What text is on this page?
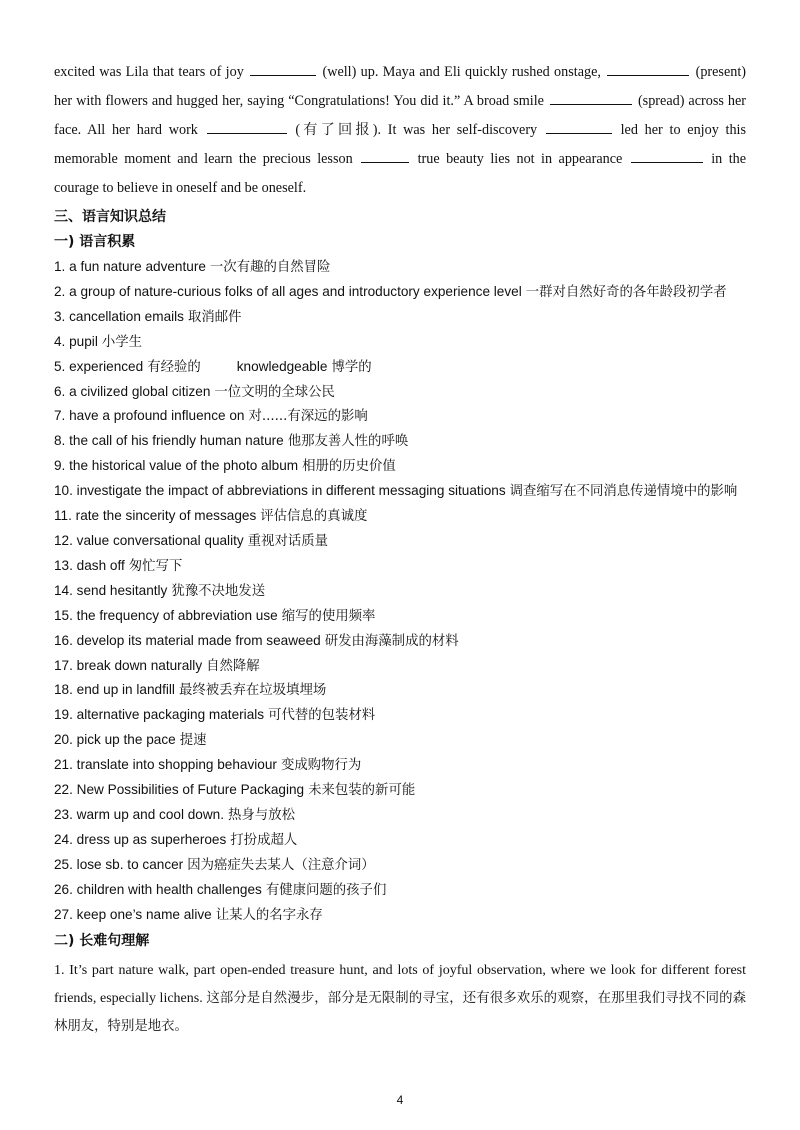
excited was Lila that tears of joy	(well) up. Maya and Eli quickly rushed onstage,	(present) her with flowers and hugged her, saying “Congratulations! You did it.” A broad smile	(spread) across her face. All her hard work	(有了回报). It was her self-discovery	led her to enjoy this memorable moment and learn the precious lesson	true beauty lies not in appearance	in the courage to believe in oneself and be oneself.

三、语言知识总结
一) 语言积累
1. a fun nature adventure 一次有趣的自然冒险
2. a group of nature-curious folks of all ages and introductory experience level 一群对自然好奇的各年龄段初学者
3. cancellation emails 取消邮件
4. pupil 小学生
5. experienced 有经验的	knowledgeable 博学的
6. a civilized global citizen 一位文明的全球公民
7. have a profound influence on 对......有深远的影响
8. the call of his friendly human nature 他那友善人性的呼唤
9. the historical value of the photo album 相册的历史价值
10. investigate the impact of abbreviations in different messaging situations 调查缩写在不同消息传递情境中的影响
11. rate the sincerity of messages 评估信息的真诚度
12. value conversational quality 重视对话质量
13. dash off 匆忙写下
14. send hesitantly 犹豫不决地发送
15. the frequency of abbreviation use 缩写的使用频率
16. develop its material made from seaweed 研发由海藻制成的材料
17. break down naturally 自然降解
18. end up in landfill 最终被丢弃在垃圾填埋场
19. alternative packaging materials 可代替的包装材料
20. pick up the pace 提速
21. translate into shopping behaviour 变成购物行为
22. New Possibilities of Future Packaging 未来包装的新可能
23. warm up and cool down. 热身与放松
24. dress up as superheroes 打扮成超人
25. lose sb. to cancer 因为癌症失去某人（注意介词）
26. children with health challenges 有健康问题的孩子们
27. keep one’s name alive 让某人的名字永存
二) 长难句理解

1. It’s part nature walk, part open-ended treasure hunt, and lots of joyful observation, where we look for different forest friends, especially lichens. 这部分是自然漫步，部分是无限制的寻宝，还有很多欢乐的观察，在那里我们寻找不同的森林朋友，特别是地衣。

4
